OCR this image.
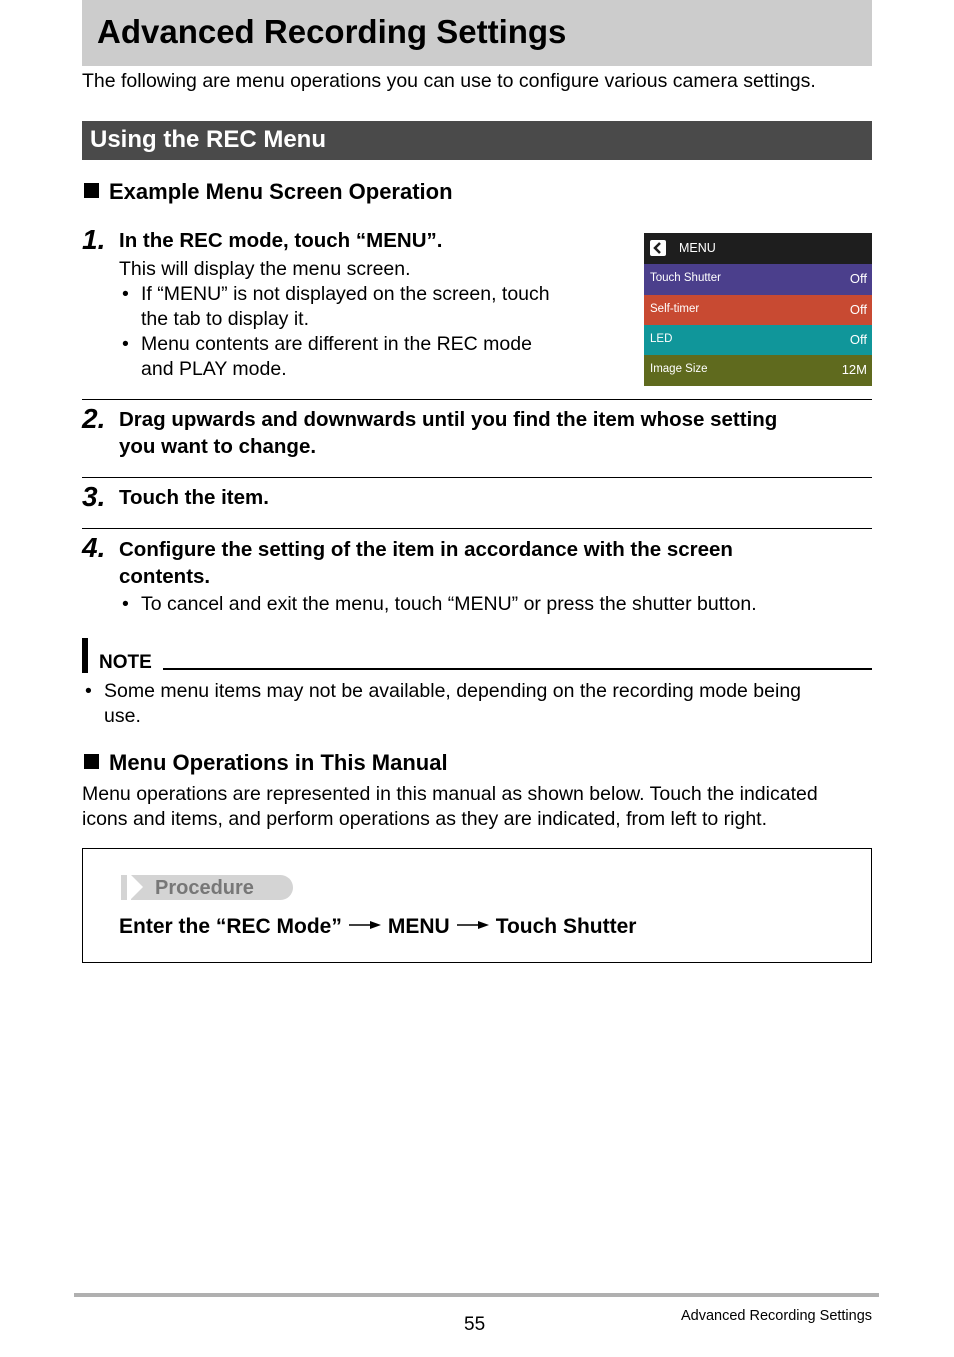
Advanced Recording Settings
The following are menu operations you can use to configure various camera settings.
Using the REC Menu
Example Menu Screen Operation
1. In the REC mode, touch “MENU”.
This will display the menu screen.
• If “MENU” is not displayed on the screen, touch
the tab to display it.
• Menu contents are different in the REC mode
and PLAY mode.
MENU
Touch Shutter	Off
Self-timer	Off
LED	Off
Image Size	12M
2. Drag upwards and downwards until you find the item whose setting
you want to change.
3. Touch the item.
4. Configure the setting of the item in accordance with the screen
contents.
• To cancel and exit the menu, touch “MENU” or press the shutter button.
NOTE
• Some menu items may not be available, depending on the recording mode being
use.
Menu Operations in This Manual
Menu operations are represented in this manual as shown below. Touch the indicated
icons and items, and perform operations as they are indicated, from left to right.
Procedure
Enter the “REC Mode” MENU Touch Shutter
55	Advanced Recording Settings
